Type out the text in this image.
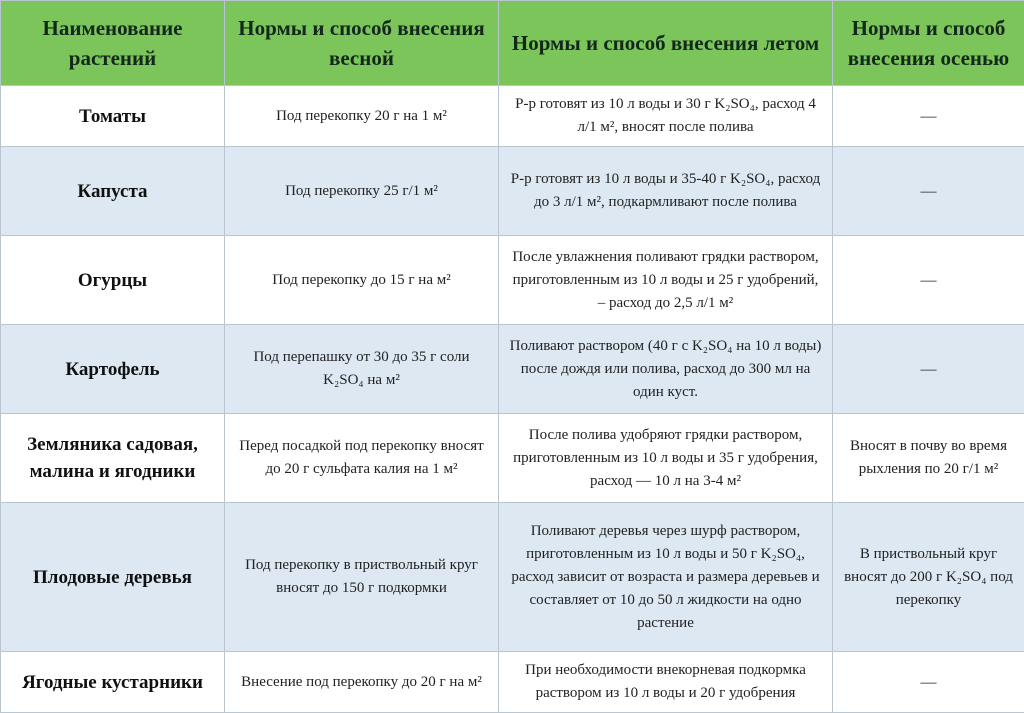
Наименование растений	Нормы и способ внесения весной	Нормы и способ внесения летом	Нормы и способ внесения осенью
Томаты	Под перекопку 20 г на 1 м²	Р-р готовят из 10 л воды и 30 г K₂SO₄, расход 4 л/1 м², вносят после полива	—
Капуста	Под перекопку 25 г/1 м²	Р-р готовят из 10 л воды и 35-40 г K₂SO₄, расход до 3 л/1 м², подкармливают после полива	—
Огурцы	Под перекопку до 15 г на м²	После увлажнения поливают грядки раствором, приготовленным из 10 л воды и 25 г удобрений, – расход до 2,5 л/1 м²	—
Картофель	Под перепашку от 30 до 35 г соли K₂SO₄ на м²	Поливают раствором (40 г с K₂SO₄ на 10 л воды) после дождя или полива, расход до 300 мл на один куст.	—
Земляника садовая, малина и ягодники	Перед посадкой под перекопку вносят до 20 г сульфата калия на 1 м²	После полива удобряют грядки раствором, приготовленным из 10 л воды и 35 г удобрения, расход — 10 л на 3-4 м²	Вносят в почву во время рыхления по 20 г/1 м²
Плодовые деревья	Под перекопку в приствольный круг вносят до 150 г подкормки	Поливают деревья через шурф раствором, приготовленным из 10 л воды и 50 г K₂SO₄, расход зависит от возраста и размера деревьев и составляет от 10 до 50 л жидкости на одно растение	В приствольный круг вносят до 200 г K₂SO₄ под перекопку
Ягодные кустарники	Внесение под перекопку до 20 г на м²	При необходимости внекорневая подкормка раствором из 10 л воды и 20 г удобрения	—
